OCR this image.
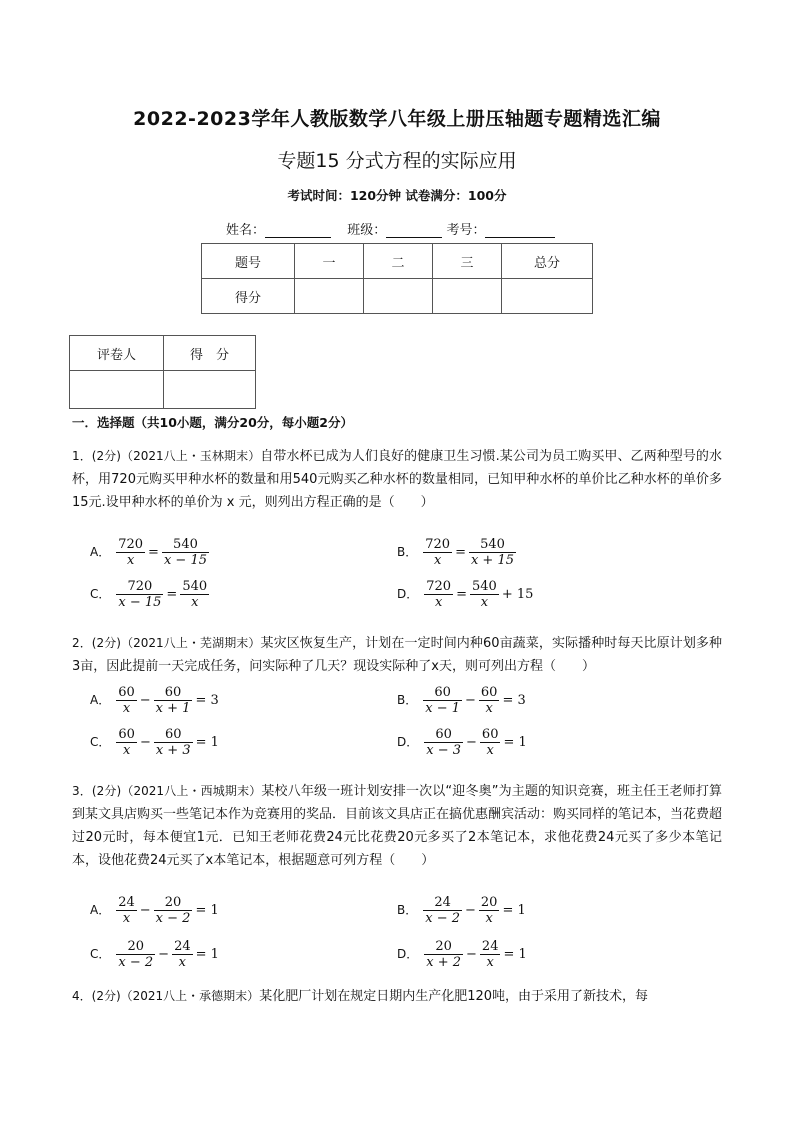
2022-2023学年人教版数学八年级上册压轴题专题精选汇编
专题15 分式方程的实际应用
考试时间：120分钟 试卷满分：100分
姓名：	班级：	考号：
题号	一	二	三	总分
得分				
评卷人	得　分

一．选择题（共10小题，满分20分，每小题2分）
1．(2分)（2021八上・玉林期末）自带水杯已成为人们良好的健康卫生习惯.某公司为员工购买甲、乙两种型号的水杯，用720元购买甲种水杯的数量和用540元购买乙种水杯的数量相同，已知甲种水杯的单价比乙种水杯的单价多15元.设甲种水杯的单价为 x 元，则列出方程正确的是（　　）
A． $\frac{720}{x} = \frac{540}{x - 15}$	B． $\frac{720}{x} = \frac{540}{x + 15}$
C． $\frac{720}{x - 15} = \frac{540}{x}$	D． $\frac{720}{x} = \frac{540}{x} + 15$
2．(2分)（2021八上・芜湖期末）某灾区恢复生产，计划在一定时间内种60亩蔬菜，实际播种时每天比原计划多种3亩，因此提前一天完成任务，问实际种了几天？现设实际种了x天，则可列出方程（　　）
A． $\frac{60}{x} - \frac{60}{x + 1} = 3$	B． $\frac{60}{x - 1} - \frac{60}{x} = 3$
C． $\frac{60}{x} - \frac{60}{x + 3} = 1$	D． $\frac{60}{x - 3} - \frac{60}{x} = 1$
3．(2分)（2021八上・西城期末）某校八年级一班计划安排一次以“迎冬奥”为主题的知识竞赛，班主任王老师打算到某文具店购买一些笔记本作为竞赛用的奖品．目前该文具店正在搞优惠酬宾活动：购买同样的笔记本，当花费超过20元时，每本便宜1元．已知王老师花费24元比花费20元多买了2本笔记本，求他花费24元买了多少本笔记本，设他花费24元买了x本笔记本，根据题意可列方程（　　）
A． $\frac{24}{x} - \frac{20}{x - 2} = 1$	B． $\frac{24}{x - 2} - \frac{20}{x} = 1$
C． $\frac{20}{x - 2} - \frac{24}{x} = 1$	D． $\frac{20}{x + 2} - \frac{24}{x} = 1$
4．(2分)（2021八上・承德期末）某化肥厂计划在规定日期内生产化肥120吨，由于采用了新技术，每
